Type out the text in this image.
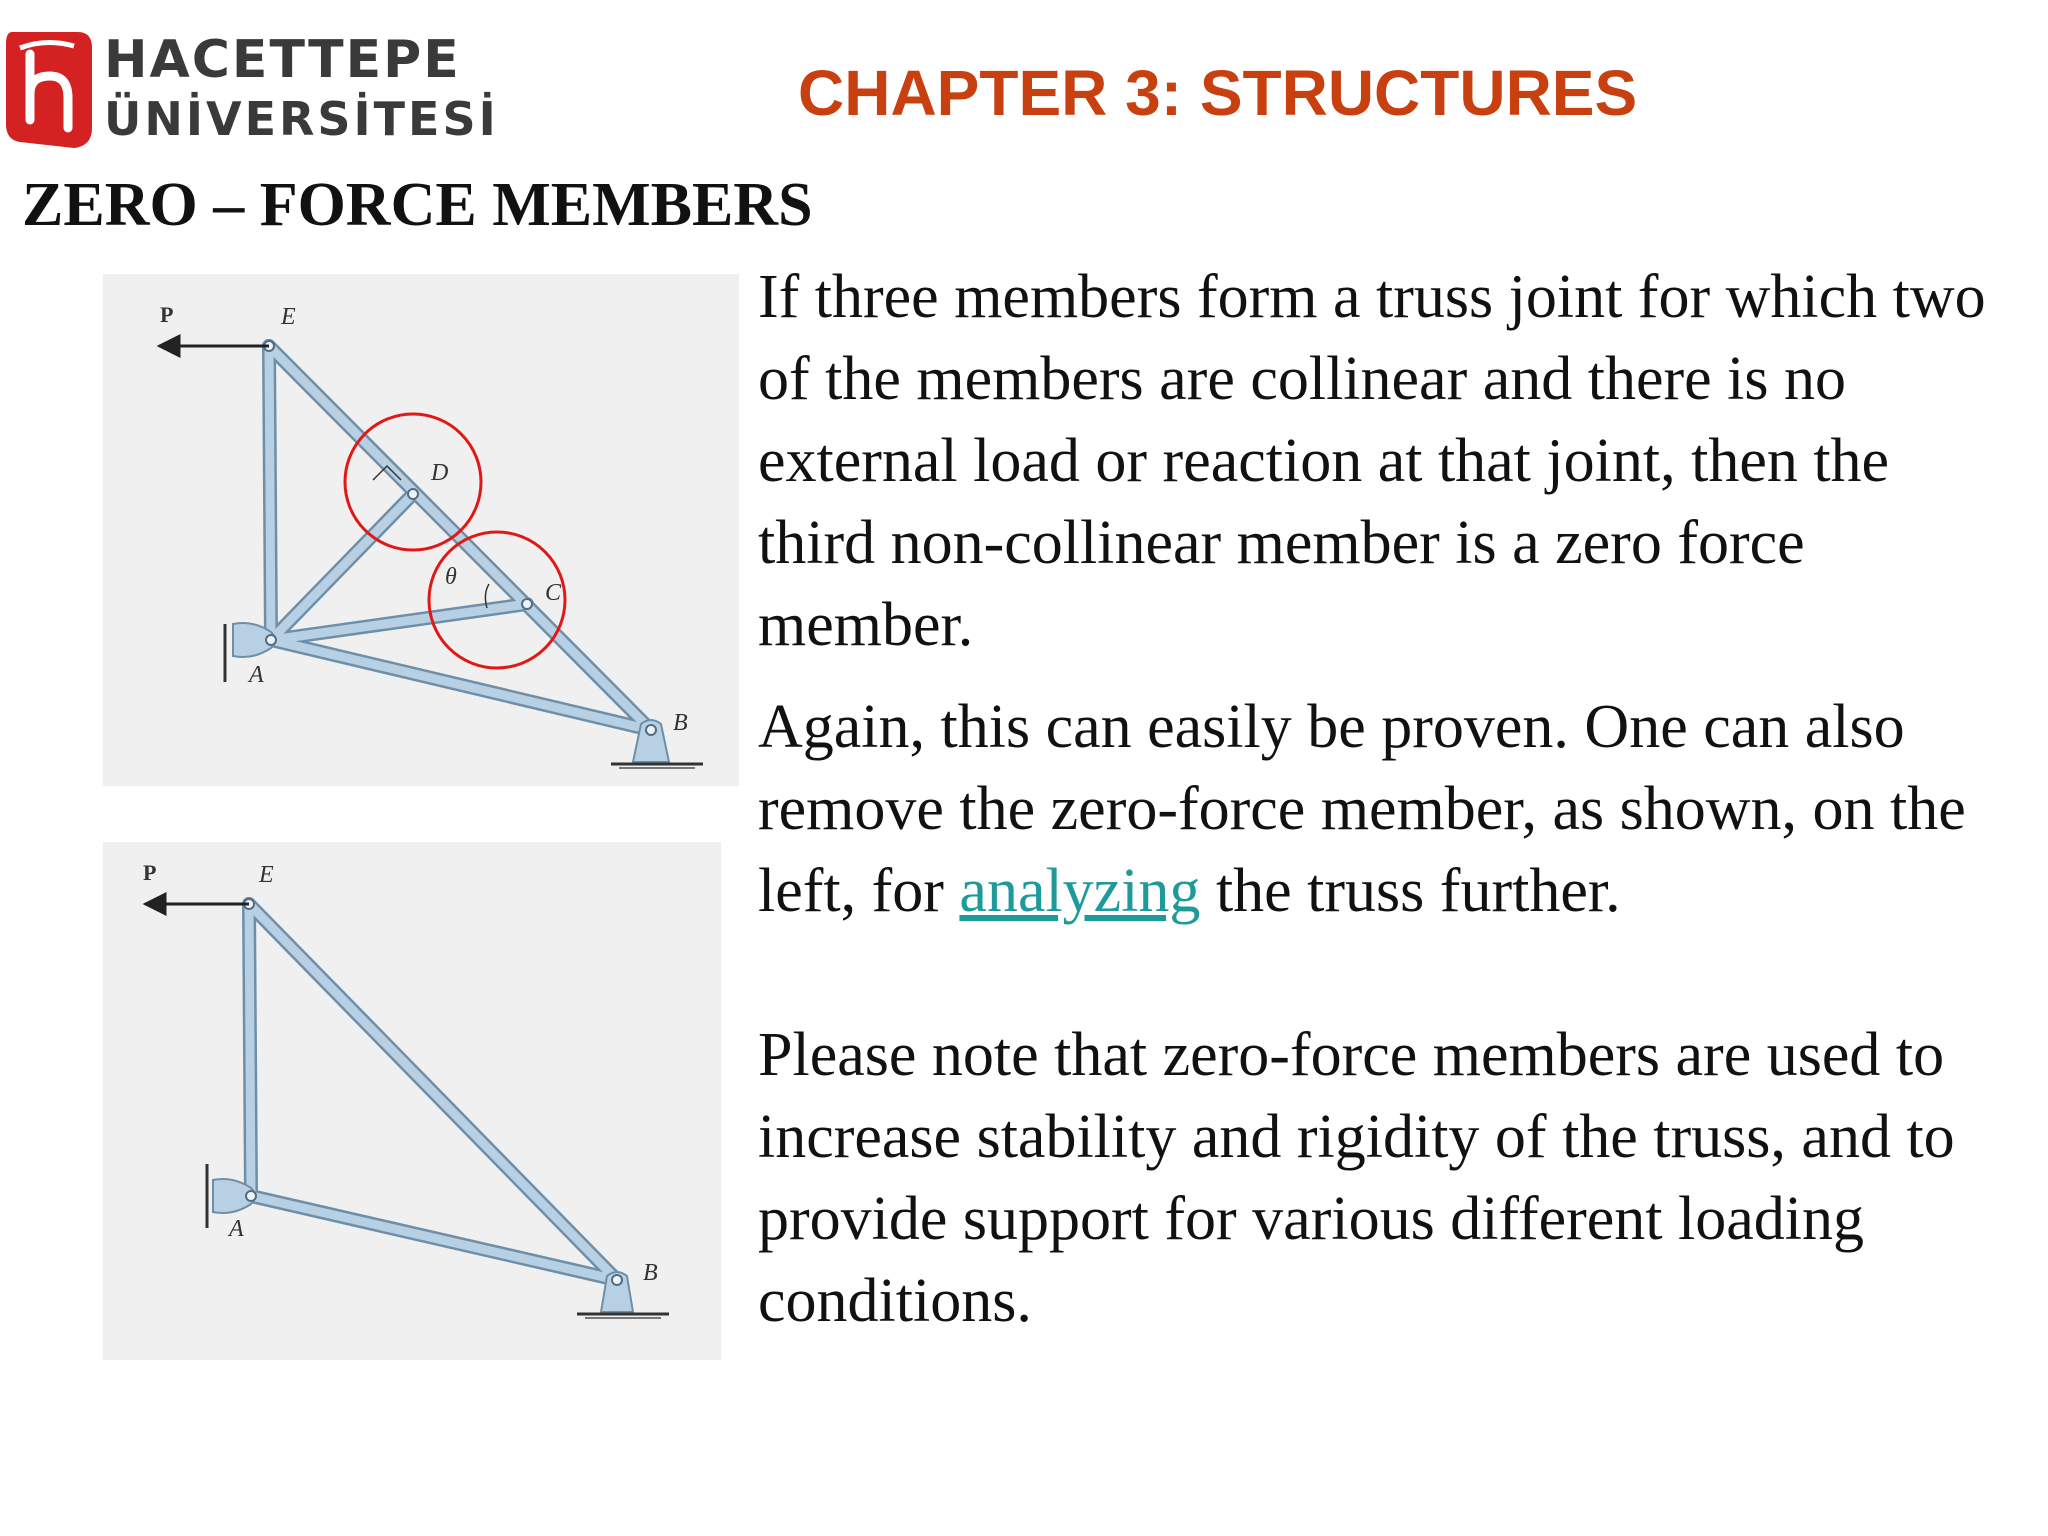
HACETTEPE
ÜNİVERSİTESİ	CHAPTER 3: STRUCTURES
ZERO – FORCE MEMBERS
P	E
D
C
A
B
θ
P	E
A
B
If three members form a truss joint for which two of the members are collinear and there is no external load or reaction at that joint, then the third non-collinear member is a zero force member.
Again, this can easily be proven. One can also remove the zero-force member, as shown, on the left, for analyzing the truss further.
Please note that zero-force members are used to increase stability and rigidity of the truss, and to provide support for various different loading conditions.
